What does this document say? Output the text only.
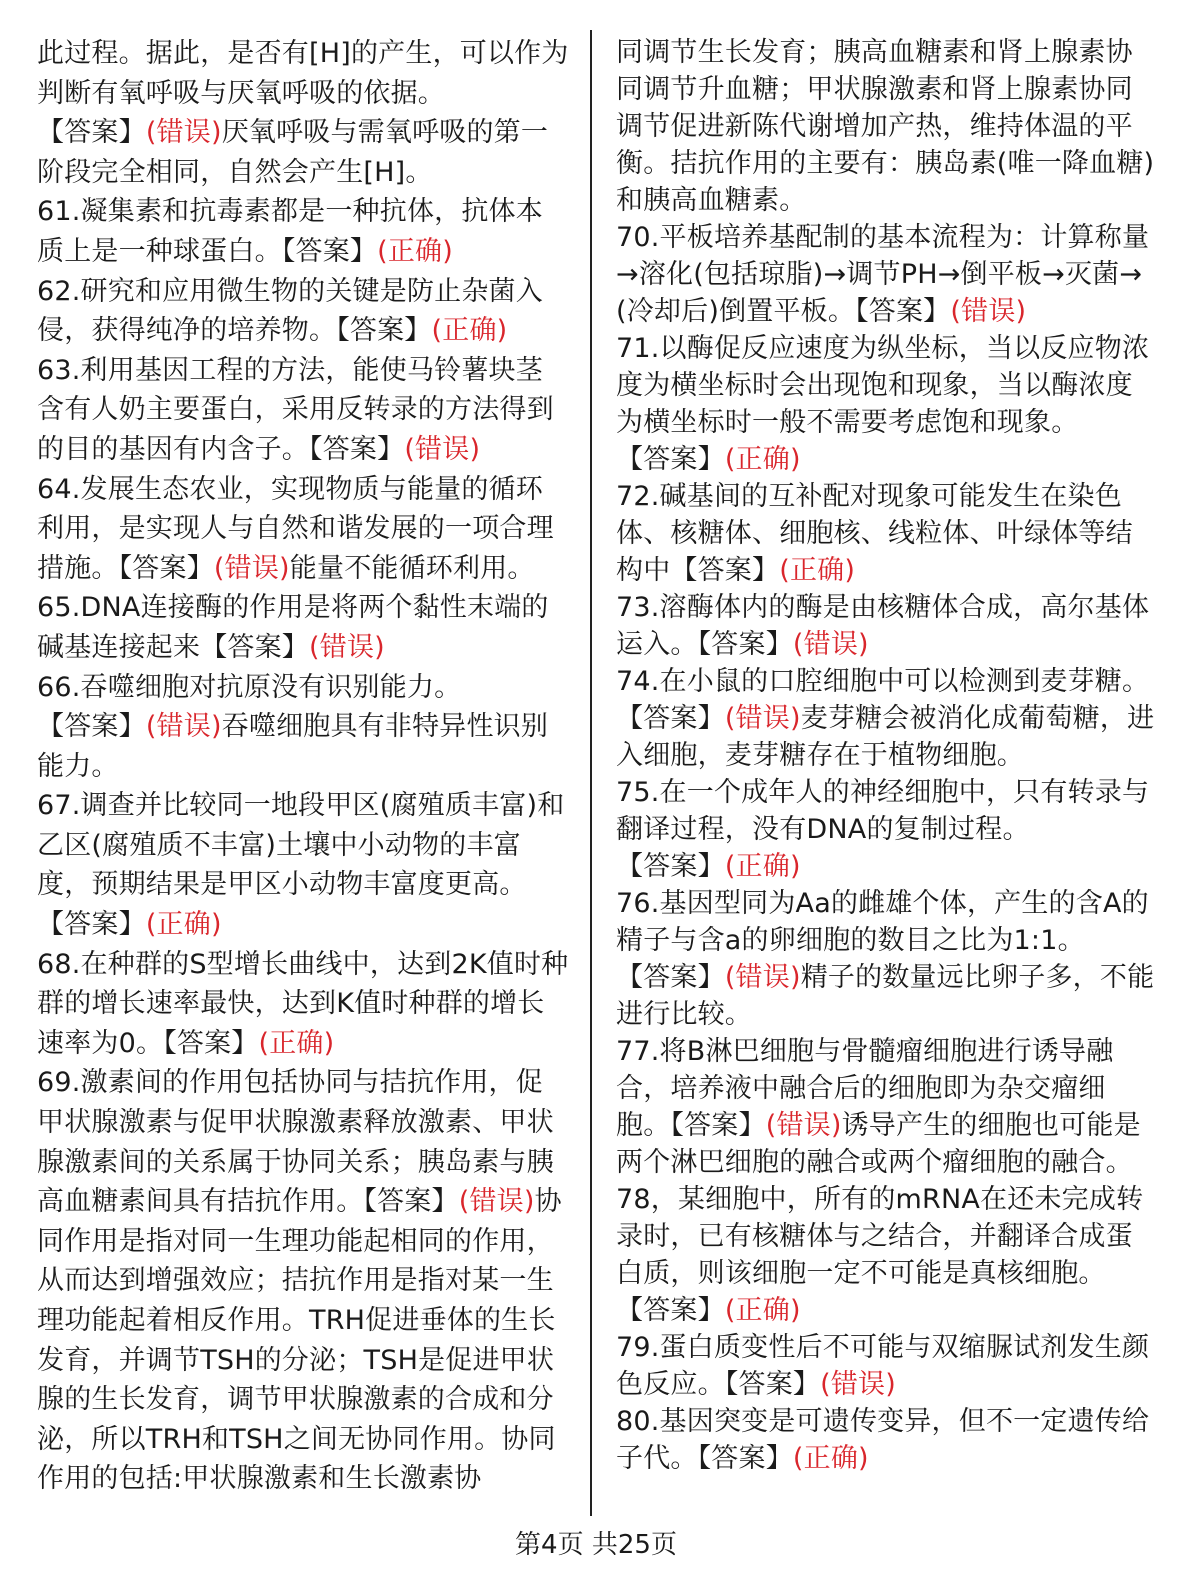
此过程。据此，是否有[H]的产生，可以作为判断有氧呼吸与厌氧呼吸的依据。

【答案】(错误)厌氧呼吸与需氧呼吸的第一阶段完全相同，自然会产生[H]。

61.凝集素和抗毒素都是一种抗体，抗体本质上是一种球蛋白。【答案】(正确)

62.研究和应用微生物的关键是防止杂菌入侵，获得纯净的培养物。【答案】(正确)

63.利用基因工程的方法，能使马铃薯块茎含有人奶主要蛋白，采用反转录的方法得到的目的基因有内含子。【答案】(错误)

64.发展生态农业，实现物质与能量的循环利用，是实现人与自然和谐发展的一项合理措施。【答案】(错误)能量不能循环利用。

65.DNA连接酶的作用是将两个黏性末端的碱基连接起来【答案】(错误)

66.吞噬细胞对抗原没有识别能力。

【答案】(错误)吞噬细胞具有非特异性识别能力。

67.调查并比较同一地段甲区(腐殖质丰富)和乙区(腐殖质不丰富)土壤中小动物的丰富度，预期结果是甲区小动物丰富度更高。

【答案】(正确)

68.在种群的S型增长曲线中，达到2K值时种群的增长速率最快，达到K值时种群的增长速率为0。【答案】(正确)

69.激素间的作用包括协同与拮抗作用，促甲状腺激素与促甲状腺激素释放激素、甲状腺激素间的关系属于协同关系；胰岛素与胰高血糖素间具有拮抗作用。【答案】(错误)协同作用是指对同一生理功能起相同的作用，从而达到增强效应；拮抗作用是指对某一生理功能起着相反作用。TRH促进垂体的生长发育，并调节TSH的分泌；TSH是促进甲状腺的生长发育，调节甲状腺激素的合成和分泌，所以TRH和TSH之间无协同作用。协同作用的包括:甲状腺激素和生长激素协

同调节生长发育；胰高血糖素和肾上腺素协同调节升血糖；甲状腺激素和肾上腺素协同调节促进新陈代谢增加产热，维持体温的平衡。拮抗作用的主要有：胰岛素(唯一降血糖)和胰高血糖素。

70.平板培养基配制的基本流程为：计算称量→溶化(包括琼脂)→调节PH→倒平板→灭菌→(冷却后)倒置平板。【答案】(错误)

71.以酶促反应速度为纵坐标，当以反应物浓度为横坐标时会出现饱和现象，当以酶浓度为横坐标时一般不需要考虑饱和现象。

【答案】(正确)

72.碱基间的互补配对现象可能发生在染色体、核糖体、细胞核、线粒体、叶绿体等结构中【答案】(正确)

73.溶酶体内的酶是由核糖体合成，高尔基体运入。【答案】(错误)

74.在小鼠的口腔细胞中可以检测到麦芽糖。【答案】(错误)麦芽糖会被消化成葡萄糖，进入细胞，麦芽糖存在于植物细胞。

75.在一个成年人的神经细胞中，只有转录与翻译过程，没有DNA的复制过程。

【答案】(正确)

76.基因型同为Aa的雌雄个体，产生的含A的精子与含a的卵细胞的数目之比为1:1。

【答案】(错误)精子的数量远比卵子多，不能进行比较。

77.将B淋巴细胞与骨髓瘤细胞进行诱导融合，培养液中融合后的细胞即为杂交瘤细胞。【答案】(错误)诱导产生的细胞也可能是两个淋巴细胞的融合或两个瘤细胞的融合。

78，某细胞中，所有的mRNA在还未完成转录时，已有核糖体与之结合，并翻译合成蛋白质，则该细胞一定不可能是真核细胞。

【答案】(正确)

79.蛋白质变性后不可能与双缩脲试剂发生颜色反应。【答案】(错误)

80.基因突变是可遗传变异，但不一定遗传给子代。【答案】(正确)

第4页 共25页
